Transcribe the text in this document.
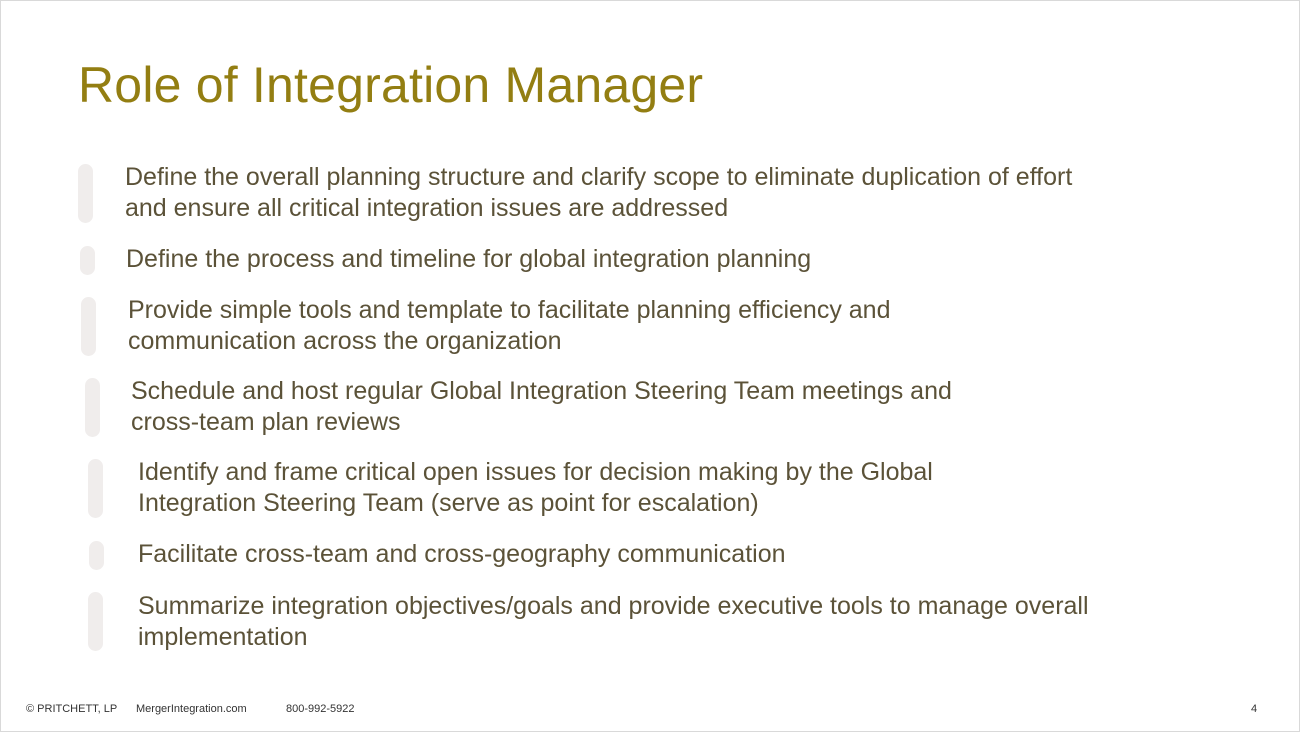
Role of Integration Manager
Define the overall planning structure and clarify scope to eliminate duplication of effort
and ensure all critical integration issues are addressed
Define the process and timeline for global integration planning
Provide simple tools and template to facilitate planning efficiency and
communication across the organization
Schedule and host regular Global Integration Steering Team meetings and
cross-team plan reviews
Identify and frame critical open issues for decision making by the Global
Integration Steering Team (serve as point for escalation)
Facilitate cross-team and cross-geography communication
Summarize integration objectives/goals and provide executive tools to manage overall
implementation
© PRITCHETT, LP MergerIntegration.com	800-992-5922	4
